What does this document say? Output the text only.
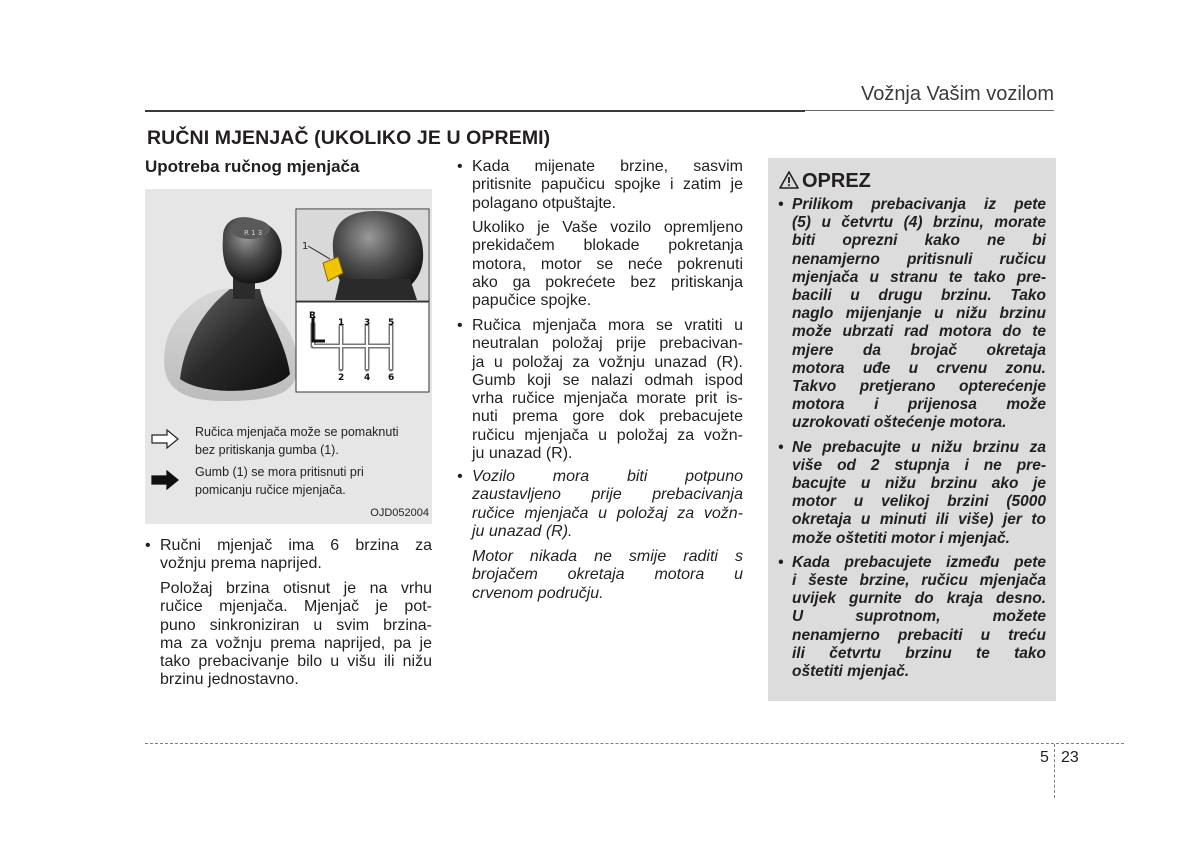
Vožnja Vašim vozilom
RUČNI MJENJAČ (UKOLIKO JE U OPREMI)
Upotreba ručnog mjenjača
R 1 3
1
R
1 3 5
2 4 6
Ručica mjenjača može se pomaknuti
bez pritiskanja gumba (1).
Gumb (1) se mora pritisnuti pri
pomicanju ručice mjenjača.
OJD052004
• Ručni mjenjač ima 6 brzina za
vožnju prema naprijed.
Položaj brzina otisnut je na vrhu
ručice mjenjača. Mjenjač je pot-
puno sinkroniziran u svim brzina-
ma za vožnju prema naprijed, pa je
tako prebacivanje bilo u višu ili nižu
brzinu jednostavno.
• Kada mijenate brzine, sasvim
pritisnite papučicu spojke i zatim je
polagano otpuštajte.
Ukoliko je Vaše vozilo opremljeno
prekidačem blokade pokretanja
motora, motor se neće pokrenuti
ako ga pokrećete bez pritiskanja
papučice spojke.
• Ručica mjenjača mora se vratiti u
neutralan položaj prije prebacivan-
ja u položaj za vožnju unazad (R).
Gumb koji se nalazi odmah ispod
vrha ručice mjenjača morate prit is-
nuti prema gore dok prebacujete
ručicu mjenjača u položaj za vožn-
ju unazad (R).
• Vozilo mora biti potpuno
zaustavljeno prije prebacivanja
ručice mjenjača u položaj za vožn-
ju unazad (R).
Motor nikada ne smije raditi s
brojačem okretaja motora u
crvenom području.
OPREZ
• Prilikom prebacivanja iz pete
(5) u četvrtu (4) brzinu, morate
biti oprezni kako ne bi
nenamjerno pritisnuli ručicu
mjenjača u stranu te tako pre-
bacili u drugu brzinu. Tako
naglo mijenjanje u nižu brzinu
može ubrzati rad motora do te
mjere da brojač okretaja
motora uđe u crvenu zonu.
Takvo pretjerano opterećenje
motora i prijenosa može
uzrokovati oštećenje motora.
• Ne prebacujte u nižu brzinu za
više od 2 stupnja i ne pre-
bacujte u nižu brzinu ako je
motor u velikoj brzini (5000
okretaja u minuti ili više) jer to
može oštetiti motor i mjenjač.
• Kada prebacujete između pete
i šeste brzine, ručicu mjenjača
uvijek gurnite do kraja desno.
U suprotnom, možete
nenamjerno prebaciti u treću
ili četvrtu brzinu te tako
oštetiti mjenjač.
5 23
